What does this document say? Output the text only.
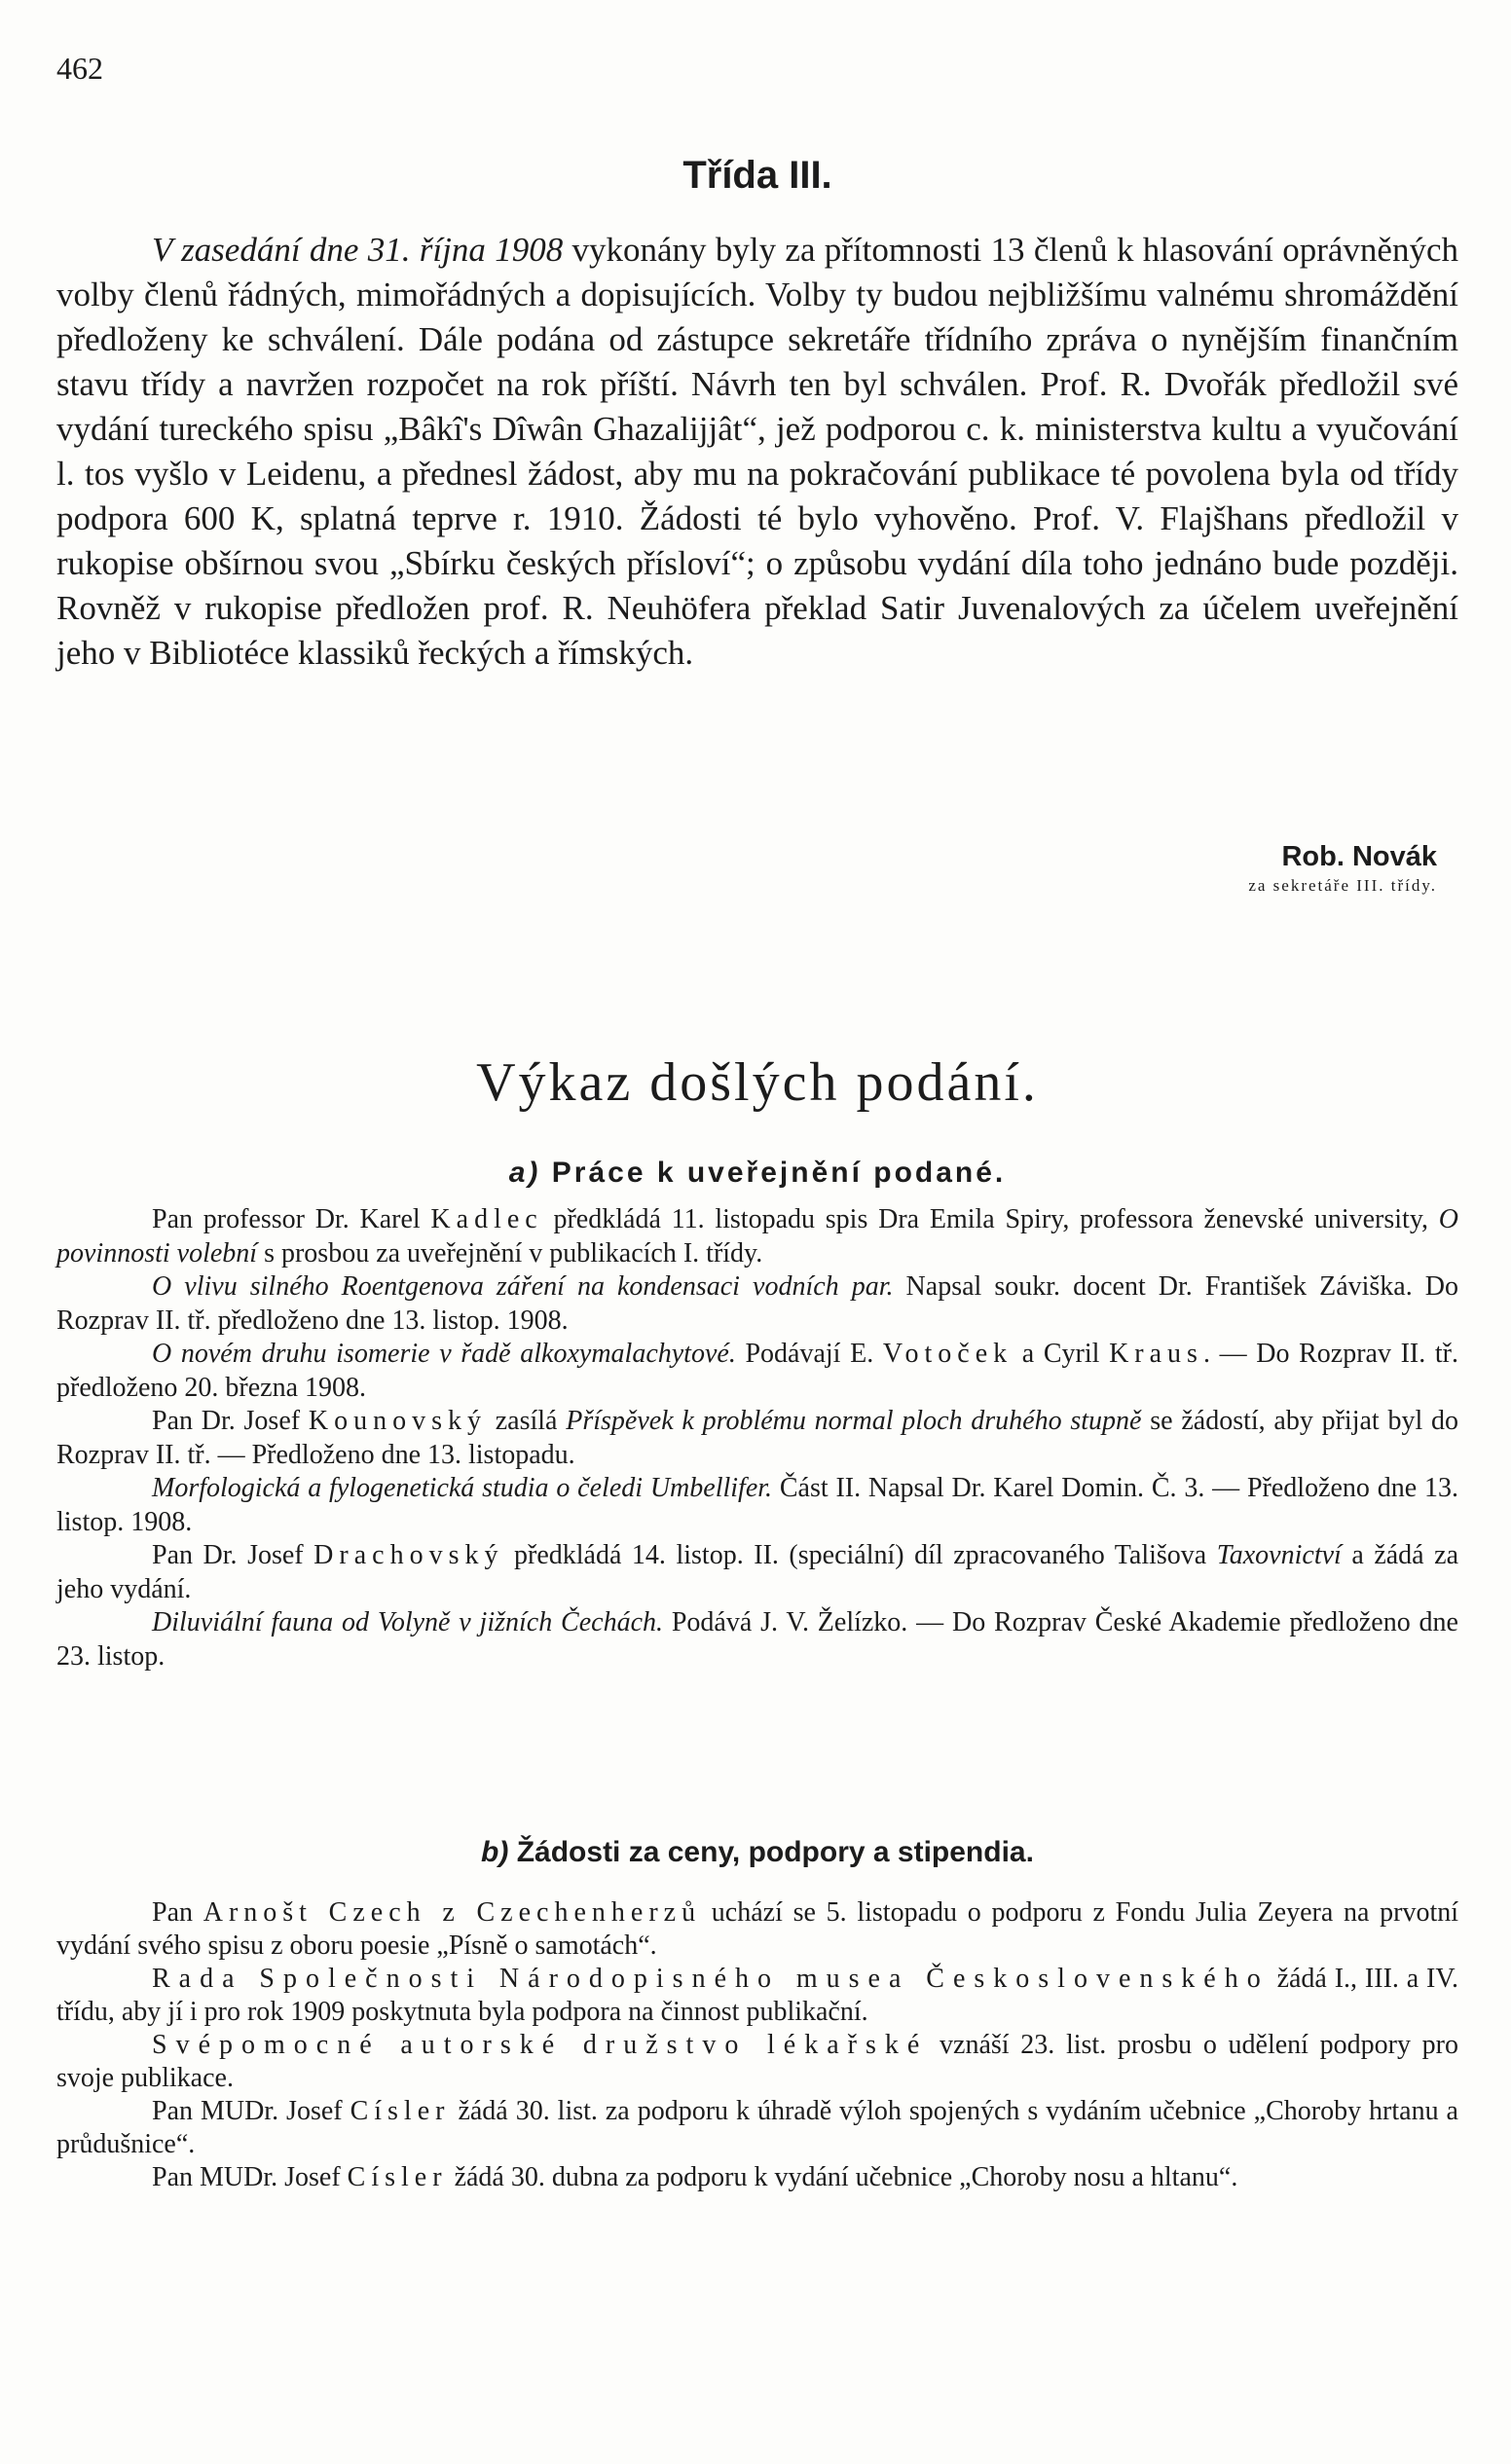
462
Třída III.

V zasedání dne 31. října 1908 vykonány byly za přítomnosti 13 členů k hlasování oprávněných volby členů řádných, mimořádných a dopisujících. Volby ty budou nejbližšímu valnému shromáždění předloženy ke schválení. Dále podána od zástupce sekretáře třídního zpráva o nynějším finančním stavu třídy a navržen rozpočet na rok příští. Návrh ten byl schválen. Prof. R. Dvořák předložil své vydání tureckého spisu „Bâkî's Dîwân Ghazalijjât“, jež podporou c. k. ministerstva kultu a vyučování l. tos vyšlo v Leidenu, a přednesl žádost, aby mu na pokračování publikace té povolena byla od třídy podpora 600 K, splatná teprve r. 1910. Žádosti té bylo vyhověno. Prof. V. Flajšhans předložil v rukopise obšírnou svou „Sbírku českých přísloví“; o způsobu vydání díla toho jednáno bude později. Rovněž v rukopise předložen prof. R. Neuhöfera překlad Satir Juvenalových za účelem uveřejnění jeho v Bibliotéce klassiků řeckých a římských.

Rob. Novák
za sekretáře III. třídy.
Výkaz došlých podání.
a) Práce k uveřejnění podané.

Pan professor Dr. Karel Kadlec předkládá 11. listopadu spis Dra Emila Spiry, professora ženevské university, O povinnosti volební s prosbou za uveřejnění v publikacích I. třídy.

O vlivu silného Roentgenova záření na kondensaci vodních par. Napsal soukr. docent Dr. František Záviška. Do Rozprav II. tř. předloženo dne 13. listop. 1908.

O novém druhu isomerie v řadě alkoxymalachytové. Podávají E. Votoček a Cyril Kraus. — Do Rozprav II. tř. předloženo 20. března 1908.

Pan Dr. Josef Kounovský zasílá Příspěvek k problému normal ploch druhého stupně se žádostí, aby přijat byl do Rozprav II. tř. — Předloženo dne 13. listopadu.

Morfologická a fylogenetická studia o čeledi Umbellifer. Část II. Napsal Dr. Karel Domin. Č. 3. — Předloženo dne 13. listop. 1908.

Pan Dr. Josef Drachovský předkládá 14. listop. II. (speciální) díl zpracovaného Tališova Taxovnictví a žádá za jeho vydání.

Diluviální fauna od Volyně v jižních Čechách. Podává J. V. Želízko. — Do Rozprav České Akademie předloženo dne 23. listop.

b) Žádosti za ceny, podpory a stipendia.

Pan Arnošt Czech z Czechenherzů uchází se 5. listopadu o podporu z Fondu Julia Zeyera na prvotní vydání svého spisu z oboru poesie „Písně o samotách“.

Rada Společnosti Národopisného musea Československého žádá I., III. a IV. třídu, aby jí i pro rok 1909 poskytnuta byla podpora na činnost publikační.

Svépomocné autorské družstvo lékařské vznáší 23. list. prosbu o udělení podpory pro svoje publikace.

Pan MUDr. Josef Císler žádá 30. list. za podporu k úhradě výloh spojených s vydáním učebnice „Choroby hrtanu a průdušnice“.

Pan MUDr. Josef Císler žádá 30. dubna za podporu k vydání učebnice „Choroby nosu a hltanu“.
